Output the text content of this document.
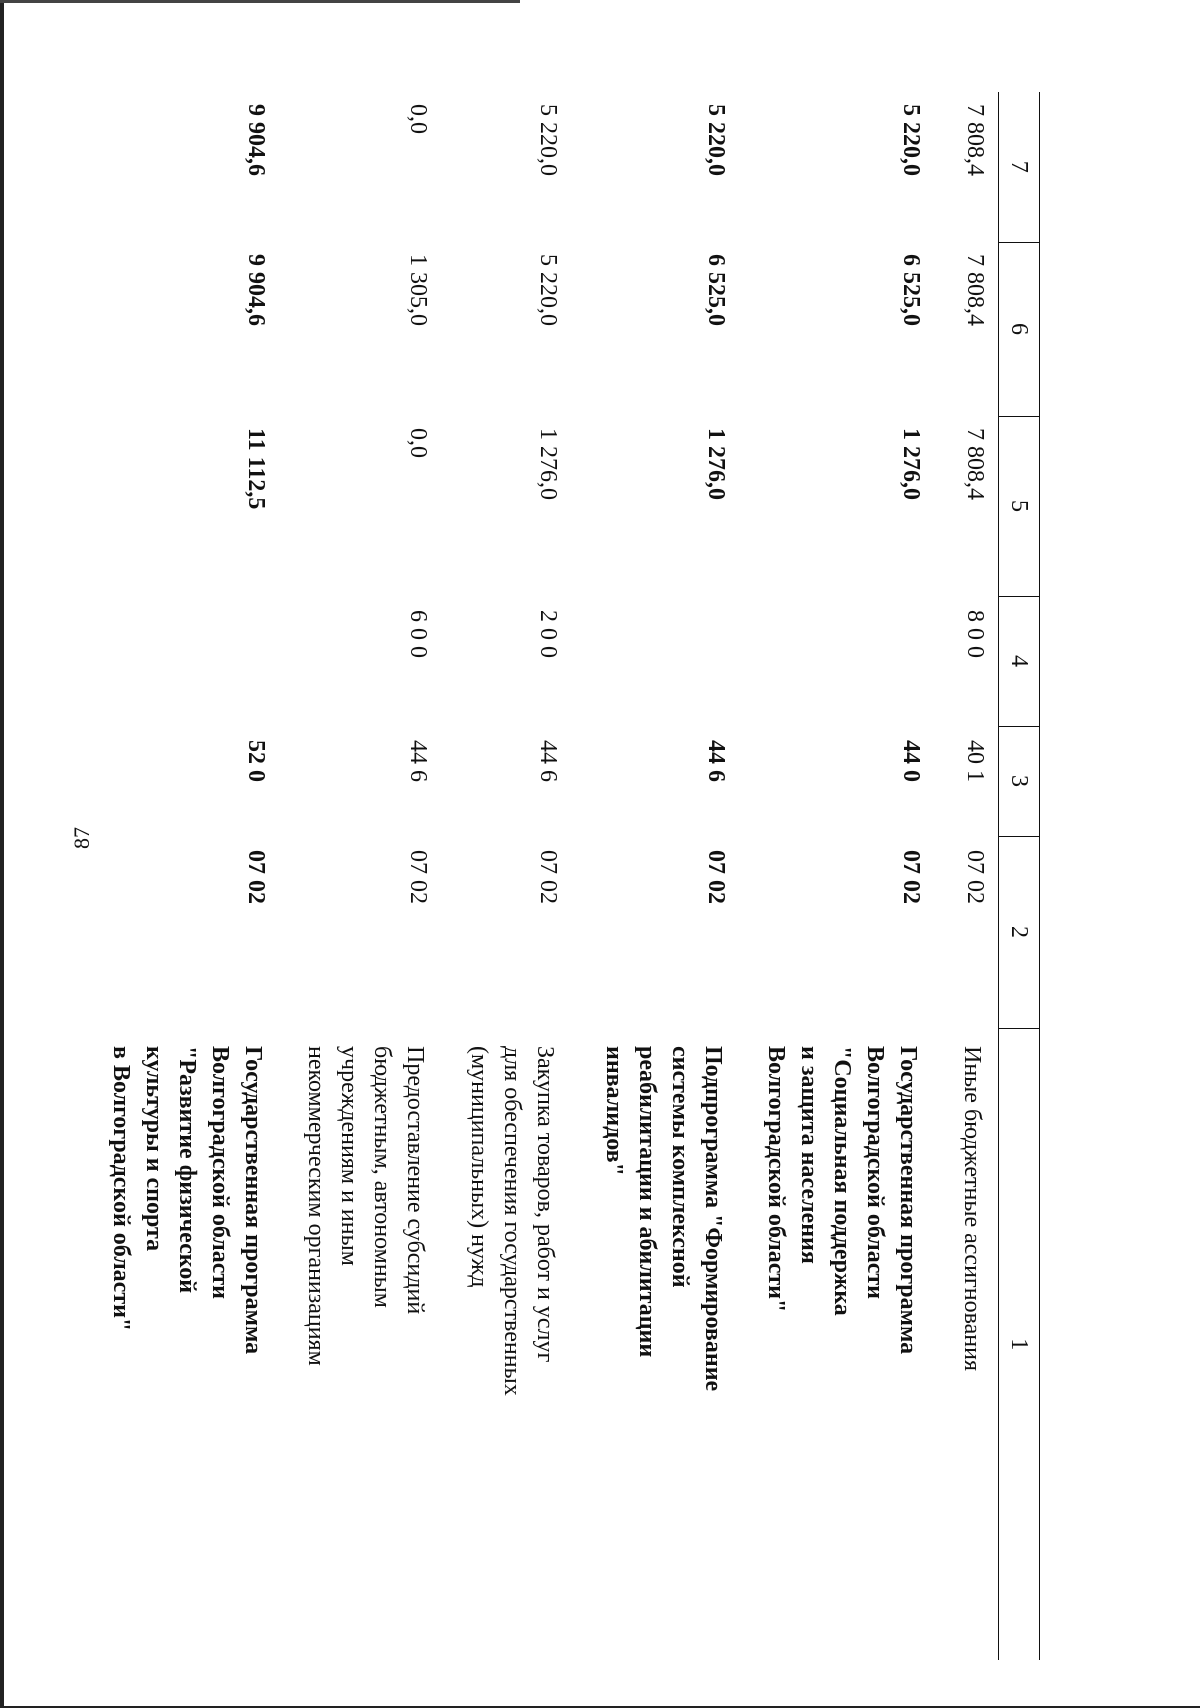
87
7	6	5	4	3	2	1
7 808,4	7 808,4	7 808,4	8 0 0	40 1	07 02	Иные бюджетные ассигнования

5 220,0	6 525,0	1 276,0		44 0	07 02	Государственная программа
Волгоградской области
"Социальная поддержка
и защита населения
Волгоградской области"

5 220,0	6 525,0	1 276,0		44 6	07 02	Подпрограмма "Формирование
системы комплексной
реабилитации и абилитации
инвалидов"

5 220,0	5 220,0	1 276,0	2 0 0	44 6	07 02	Закупка товаров, работ и услуг
для обеспечения государственных
(муниципальных) нужд

0,0	1 305,0	0,0	6 0 0	44 6	07 02	Предоставление субсидий
бюджетным, автономным
учреждениям и иным
некоммерческим организациям

9 904,6	9 904,6	11 112,5		52 0	07 02	Государственная программа
Волгоградской области
"Развитие физической
культуры и спорта
в Волгоградской области"
